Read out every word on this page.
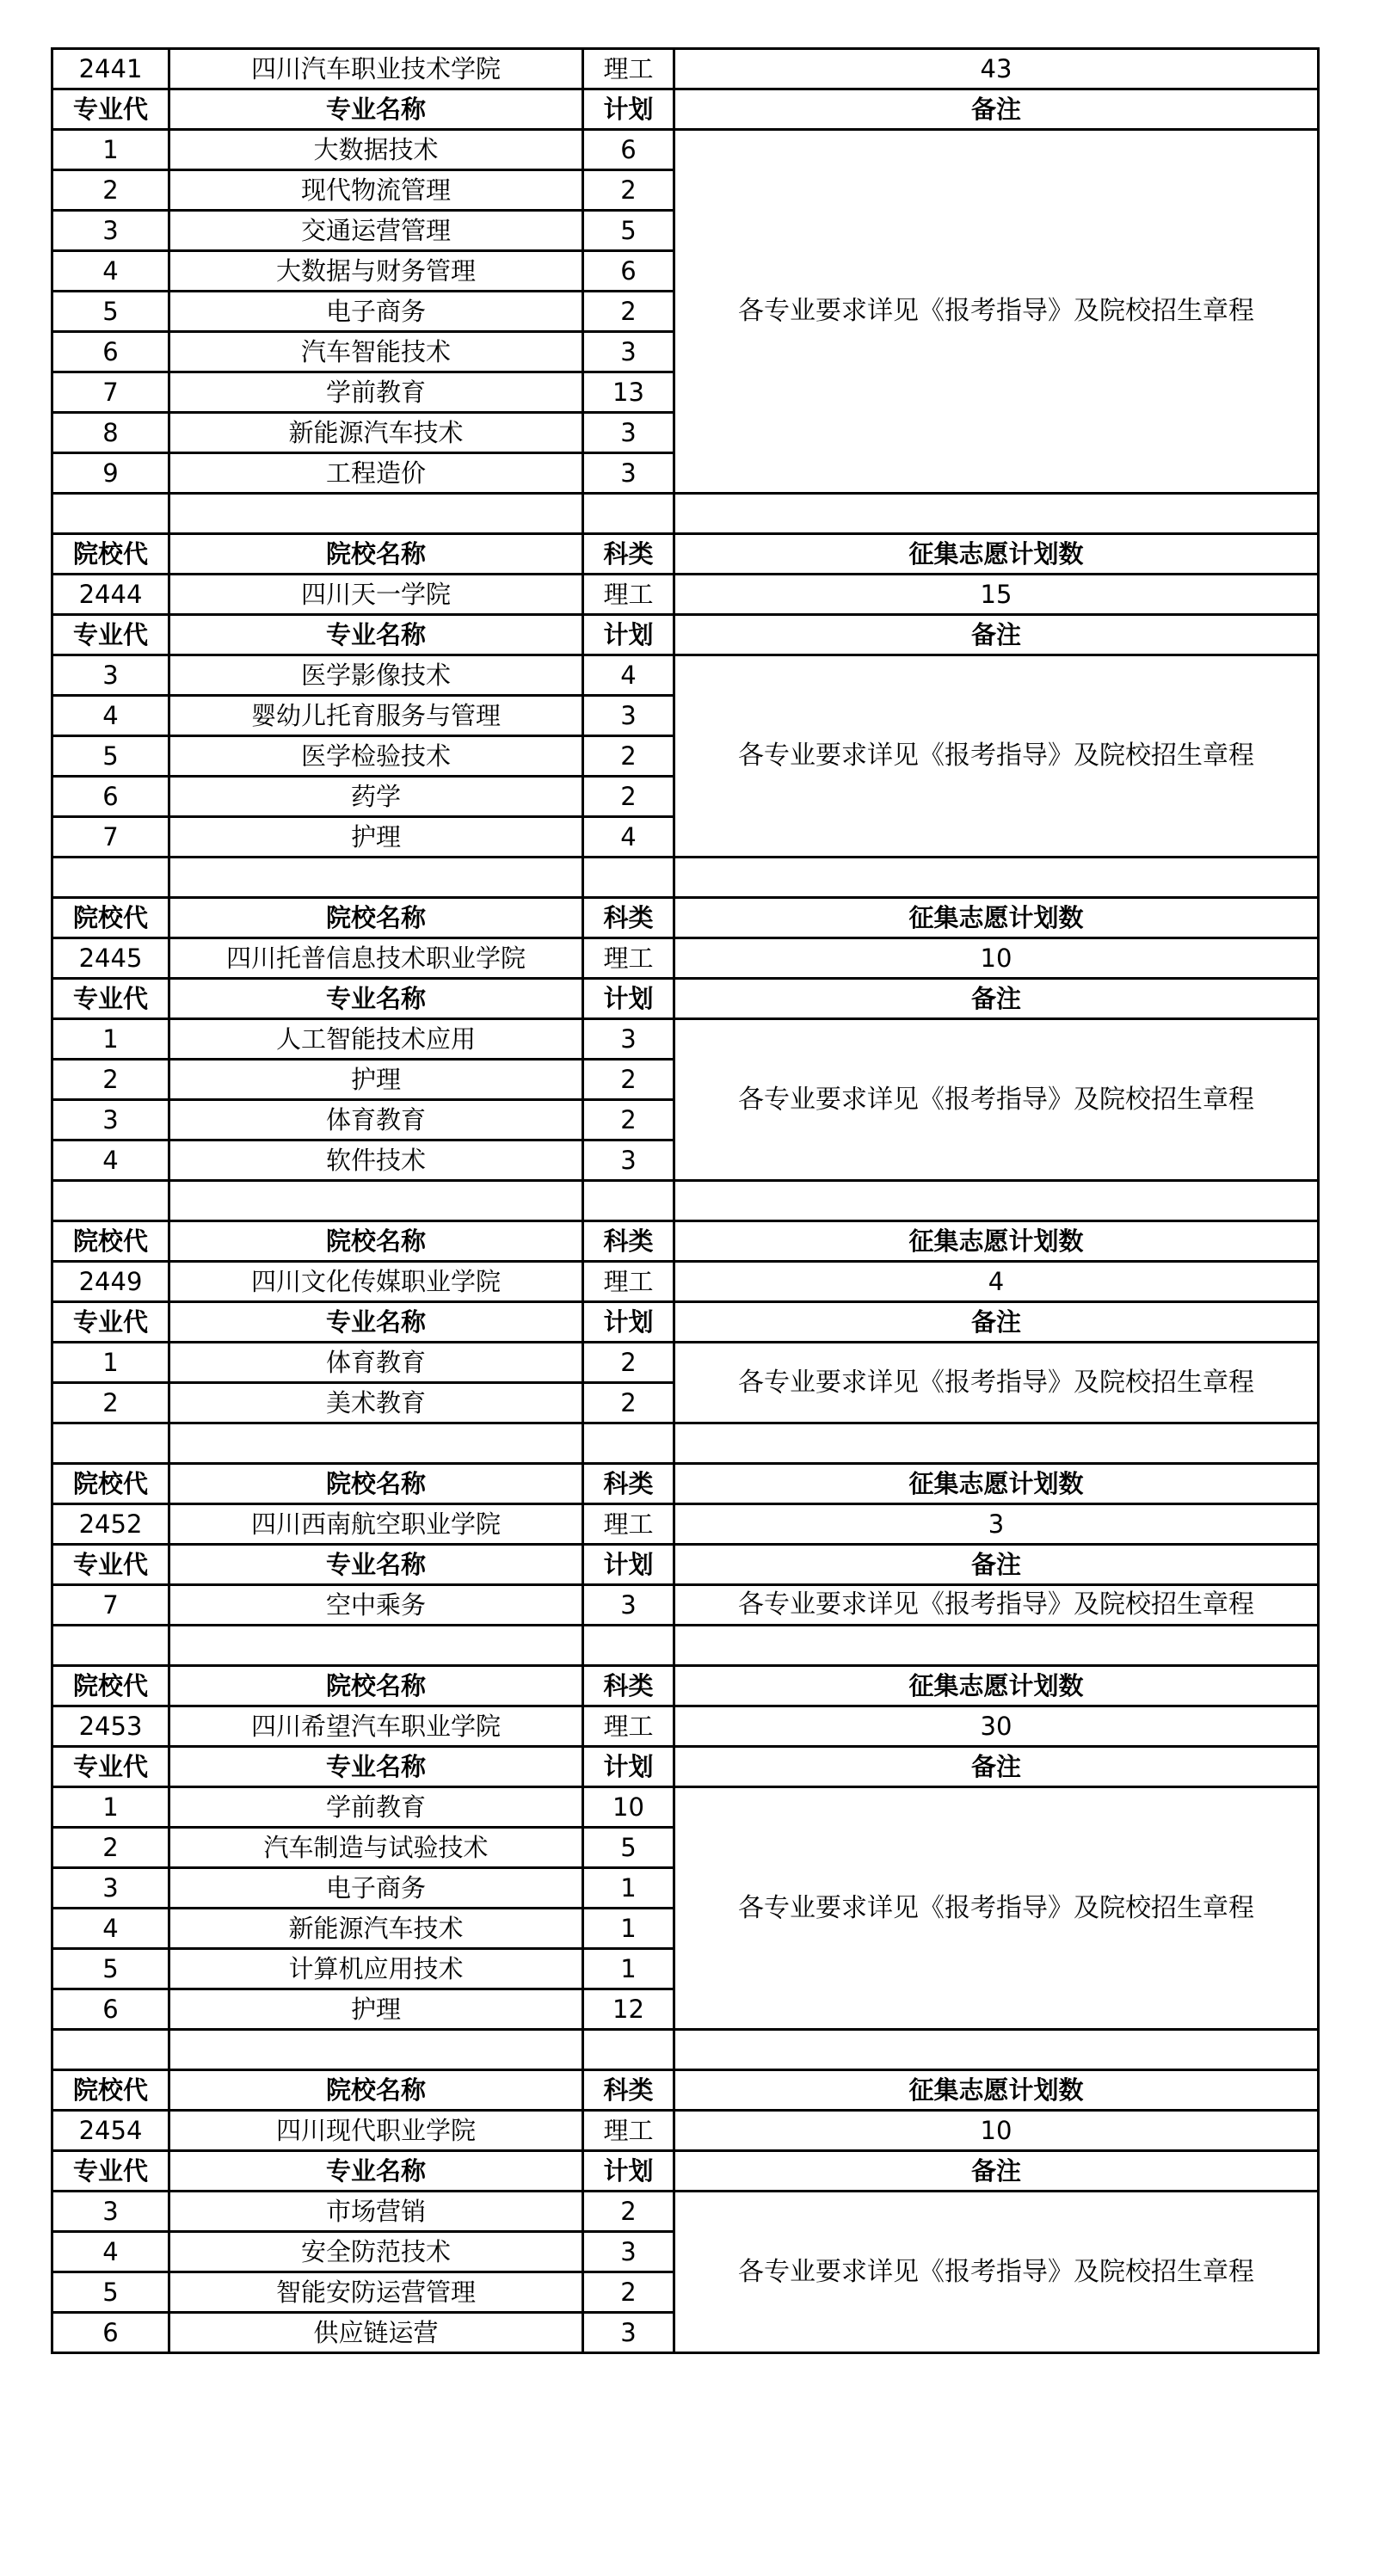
2441	四川汽车职业技术学院	理工	43
专业代	专业名称	计划	备注
1	大数据技术	6	各专业要求详见《报考指导》及院校招生章程
2	现代物流管理	2	
3	交通运营管理	5	
4	大数据与财务管理	6	
5	电子商务	2	
6	汽车智能技术	3	
7	学前教育	13	
8	新能源汽车技术	3	
9	工程造价	3	

院校代	院校名称	科类	征集志愿计划数
2444	四川天一学院	理工	15
专业代	专业名称	计划	备注
3	医学影像技术	4	各专业要求详见《报考指导》及院校招生章程
4	婴幼儿托育服务与管理	3	
5	医学检验技术	2	
6	药学	2	
7	护理	4	

院校代	院校名称	科类	征集志愿计划数
2445	四川托普信息技术职业学院	理工	10
专业代	专业名称	计划	备注
1	人工智能技术应用	3	各专业要求详见《报考指导》及院校招生章程
2	护理	2	
3	体育教育	2	
4	软件技术	3	

院校代	院校名称	科类	征集志愿计划数
2449	四川文化传媒职业学院	理工	4
专业代	专业名称	计划	备注
1	体育教育	2	各专业要求详见《报考指导》及院校招生章程
2	美术教育	2	

院校代	院校名称	科类	征集志愿计划数
2452	四川西南航空职业学院	理工	3
专业代	专业名称	计划	备注
7	空中乘务	3	各专业要求详见《报考指导》及院校招生章程

院校代	院校名称	科类	征集志愿计划数
2453	四川希望汽车职业学院	理工	30
专业代	专业名称	计划	备注
1	学前教育	10	各专业要求详见《报考指导》及院校招生章程
2	汽车制造与试验技术	5	
3	电子商务	1	
4	新能源汽车技术	1	
5	计算机应用技术	1	
6	护理	12	

院校代	院校名称	科类	征集志愿计划数
2454	四川现代职业学院	理工	10
专业代	专业名称	计划	备注
3	市场营销	2	各专业要求详见《报考指导》及院校招生章程
4	安全防范技术	3	
5	智能安防运营管理	2	
6	供应链运营	3	
